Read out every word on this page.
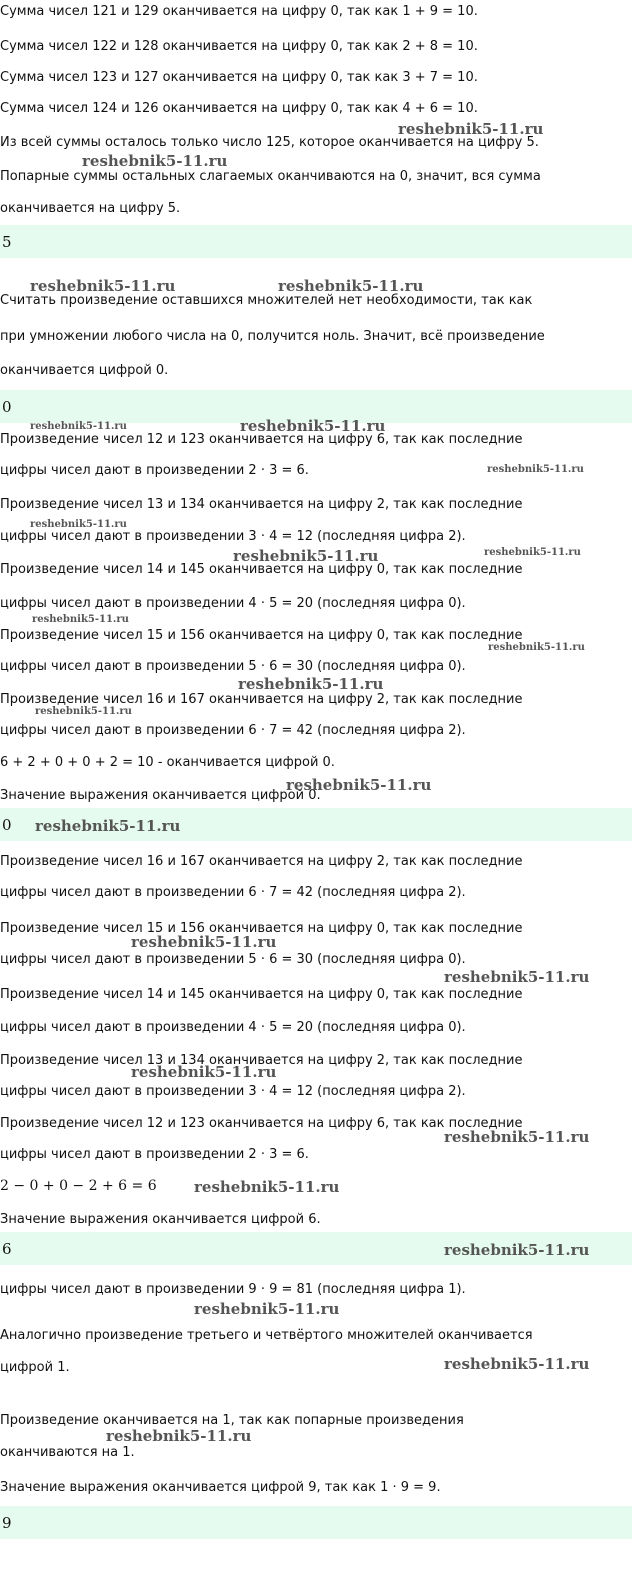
Сумма чисел 121 и 129 оканчивается на цифру 0, так как 1 + 9 = 10.
Сумма чисел 122 и 128 оканчивается на цифру 0, так как 2 + 8 = 10.
Сумма чисел 123 и 127 оканчивается на цифру 0, так как 3 + 7 = 10.
Сумма чисел 124 и 126 оканчивается на цифру 0, так как 4 + 6 = 10.
Из всей суммы осталось только число 125, которое оканчивается на цифру 5.
Попарные суммы остальных слагаемых оканчиваются на 0, значит, вся сумма
оканчивается на цифру 5.
5
Считать произведение оставшихся множителей нет необходимости, так как
при умножении любого числа на 0, получится ноль. Значит, всё произведение
оканчивается цифрой 0.
0
Произведение чисел 12 и 123 оканчивается на цифру 6, так как последние
цифры чисел дают в произведении 2 · 3 = 6.
Произведение чисел 13 и 134 оканчивается на цифру 2, так как последние
цифры чисел дают в произведении 3 · 4 = 12 (последняя цифра 2).
Произведение чисел 14 и 145 оканчивается на цифру 0, так как последние
цифры чисел дают в произведении 4 · 5 = 20 (последняя цифра 0).
Произведение чисел 15 и 156 оканчивается на цифру 0, так как последние
цифры чисел дают в произведении 5 · 6 = 30 (последняя цифра 0).
Произведение чисел 16 и 167 оканчивается на цифру 2, так как последние
цифры чисел дают в произведении 6 · 7 = 42 (последняя цифра 2).
6 + 2 + 0 + 0 + 2 = 10 - оканчивается цифрой 0.
Значение выражения оканчивается цифрой 0.
0
Произведение чисел 16 и 167 оканчивается на цифру 2, так как последние
цифры чисел дают в произведении 6 · 7 = 42 (последняя цифра 2).
Произведение чисел 15 и 156 оканчивается на цифру 0, так как последние
цифры чисел дают в произведении 5 · 6 = 30 (последняя цифра 0).
Произведение чисел 14 и 145 оканчивается на цифру 0, так как последние
цифры чисел дают в произведении 4 · 5 = 20 (последняя цифра 0).
Произведение чисел 13 и 134 оканчивается на цифру 2, так как последние
цифры чисел дают в произведении 3 · 4 = 12 (последняя цифра 2).
Произведение чисел 12 и 123 оканчивается на цифру 6, так как последние
цифры чисел дают в произведении 2 · 3 = 6.
2 − 0 + 0 − 2 + 6 = 6
Значение выражения оканчивается цифрой 6.
6
цифры чисел дают в произведении 9 · 9 = 81 (последняя цифра 1).
Аналогично произведение третьего и четвёртого множителей оканчивается
цифрой 1.
Произведение оканчивается на 1, так как попарные произведения
оканчиваются на 1.
Значение выражения оканчивается цифрой 9, так как 1 · 9 = 9.
9
reshebnik5-11.ru
reshebnik5-11.ru
reshebnik5-11.ru	reshebnik5-11.ru
reshebnik5-11.ru	reshebnik5-11.ru
reshebnik5-11.ru
reshebnik5-11.ru
reshebnik5-11.ru	reshebnik5-11.ru
reshebnik5-11.ru
reshebnik5-11.ru
reshebnik5-11.ru
reshebnik5-11.ru
reshebnik5-11.ru
reshebnik5-11.ru
reshebnik5-11.ru
reshebnik5-11.ru
reshebnik5-11.ru
reshebnik5-11.ru
reshebnik5-11.ru
reshebnik5-11.ru
reshebnik5-11.ru
reshebnik5-11.ru
reshebnik5-11.ru
